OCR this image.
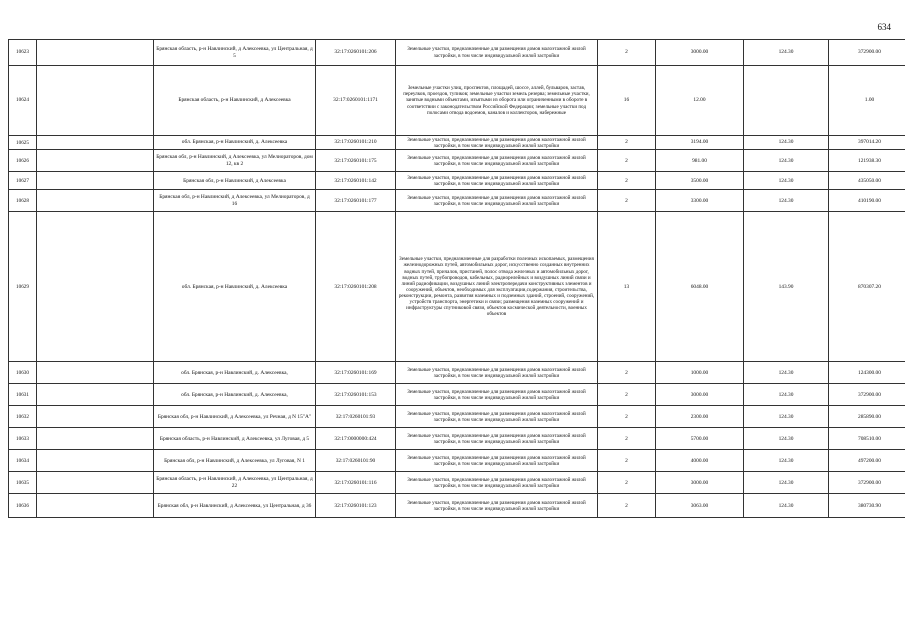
634
10623		Брянская область, р-н Навлинский, д Алексеевка, ул Центральная, д 5	32:17:0260101:206	Земельные участки, предназначенные для размещения домов малоэтажной жилой застройки, в том числе индивидуальной жилой застройки	2	3000.00	124.30	372900.00
10624		Брянская область, р-н Навлинский, д Алексеевка	32:17:0260101:1171	Земельные участки улиц, проспектов, площадей, шоссе, аллей, бульваров, застав, переулков, проездов, тупиков; земельные участки земель резерва; земельные участки, занятые водными объектами, изъятыми из оборота или ограниченными в обороте в соответствии с законодательством Российской Федерации; земельные участки под полосами отвода водоемов, каналов и коллекторов, набережные	16	12.00		1.00
10625		обл. Брянская, р-н Навлинский, д. Алексеевка	32:17:0260101:210	Земельные участки, предназначенные для размещения домов малоэтажной жилой застройки, в том числе индивидуальной жилой застройки	2	3194.00	124.30	397014.20
10626		Брянская обл, р-н Навлинский, д Алексеевка, ул Мелиораторов, дом 12, кв 2	32:17:0260101:175	Земельные участки, предназначенные для размещения домов малоэтажной жилой застройки, в том числе индивидуальной жилой застройки	2	981.00	124.30	121938.30
10627		Брянская обл, р-н Навлинский, д Алексеевка	32:17:0260101:142	Земельные участки, предназначенные для размещения домов малоэтажной жилой застройки, в том числе индивидуальной жилой застройки	2	3500.00	124.30	435050.00
10628		Брянская обл, р-н Навлинский, д Алексеевка, ул Мелиораторов, д 16	32:17:0260101:177	Земельные участки, предназначенные для размещения домов малоэтажной жилой застройки, в том числе индивидуальной жилой застройки	2	3300.00	124.30	410190.00
10629		обл. Брянская, р-н Навлинский, д. Алексеевка	32:17:0260101:208	Земельные участки, предназначенные для разработки полезных ископаемых, размещения железнодорожных путей, автомобильных дорог, искусственно созданных внутренних водных путей, причалов, пристаней, полос отвода железных и автомобильных дорог, водных путей, трубопроводов, кабельных, радиорелейных и воздушных линий связи и линий радиофикации, воздушных линий электропередачи конструктивных элементов и сооружений, объектов, необходимых для эксплуатации,содержания, строительства, реконструкции, ремонта, развития наземных и подземных зданий, строений, сооружений, устройств транспорта, энергетики и связи; размещения наземных сооружений и инфраструктуры спутниковой связи, объектов космической деятельности, военных объектов	13	6048.00	143.90	870307.20
10630		обл. Брянская, р-н Навлинский, д. Алексеевка,	32:17:0260101:169	Земельные участки, предназначенные для размещения домов малоэтажной жилой застройки, в том числе индивидуальной жилой застройки	2	1000.00	124.30	124300.00
10631		обл. Брянская, р-н Навлинский, д. Алексеевка,	32:17:0260101:153	Земельные участки, предназначенные для размещения домов малоэтажной жилой застройки, в том числе индивидуальной жилой застройки	2	3000.00	124.30	372900.00
10632		Брянская обл, р-н Навлинский, д Алексеевка, ул Речная, д N 15"А"	32:17:0260101:93	Земельные участки, предназначенные для размещения домов малоэтажной жилой застройки, в том числе индивидуальной жилой застройки	2	2300.00	124.30	285890.00
10633		Брянская область, р-н Навлинский, д Алексеевка, ул Луговая, д 5	32:17:0000000:424	Земельные участки, предназначенные для размещения домов малоэтажной жилой застройки, в том числе индивидуальной жилой застройки	2	5700.00	124.30	708510.00
10634		Брянская обл, р-н Навлинский, д Алексеевка, ул Луговая, N 1	32:17:0260101:90	Земельные участки, предназначенные для размещения домов малоэтажной жилой застройки, в том числе индивидуальной жилой застройки	2	4000.00	124.30	497200.00
10635		Брянская область, р-н Навлинский, д Алексеевка, ул Центральная, д 22	32:17:0260101:116	Земельные участки, предназначенные для размещения домов малоэтажной жилой застройки, в том числе индивидуальной жилой застройки	2	3000.00	124.30	372900.00
10636		Брянская обл, р-н Навлинский, д Алексеевка, ул Центральная, д 36	32:17:0260101:123	Земельные участки, предназначенные для размещения домов малоэтажной жилой застройки, в том числе индивидуальной жилой застройки	2	3063.00	124.30	380730.90
